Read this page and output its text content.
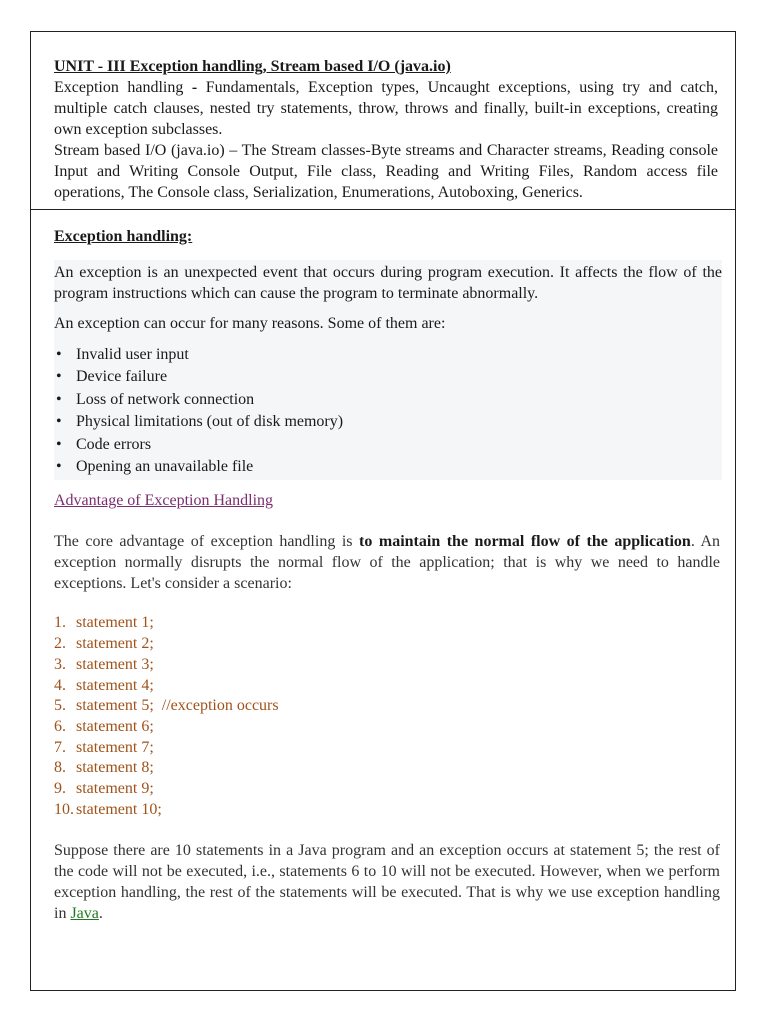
UNIT - III Exception handling, Stream based I/O (java.io)

Exception handling - Fundamentals, Exception types, Uncaught exceptions, using try and catch, multiple catch clauses, nested try statements, throw, throws and finally, built-in exceptions, creating own exception subclasses.

Stream based I/O (java.io) – The Stream classes-Byte streams and Character streams, Reading console Input and Writing Console Output, File class, Reading and Writing Files, Random access file operations, The Console class, Serialization, Enumerations, Autoboxing, Generics.

Exception handling:

An exception is an unexpected event that occurs during program execution. It affects the flow of the program instructions which can cause the program to terminate abnormally.

An exception can occur for many reasons. Some of them are:

• Invalid user input
• Device failure
• Loss of network connection
• Physical limitations (out of disk memory)
• Code errors
• Opening an unavailable file
Advantage of Exception Handling

The core advantage of exception handling is to maintain the normal flow of the application. An exception normally disrupts the normal flow of the application; that is why we need to handle exceptions. Let's consider a scenario:

1. statement 1;
2. statement 2;
3. statement 3;
4. statement 4;
5. statement 5;  //exception occurs
6. statement 6;
7. statement 7;
8. statement 8;
9. statement 9;
10. statement 10;

Suppose there are 10 statements in a Java program and an exception occurs at statement 5; the rest of the code will not be executed, i.e., statements 6 to 10 will not be executed. However, when we perform exception handling, the rest of the statements will be executed. That is why we use exception handling in Java.
